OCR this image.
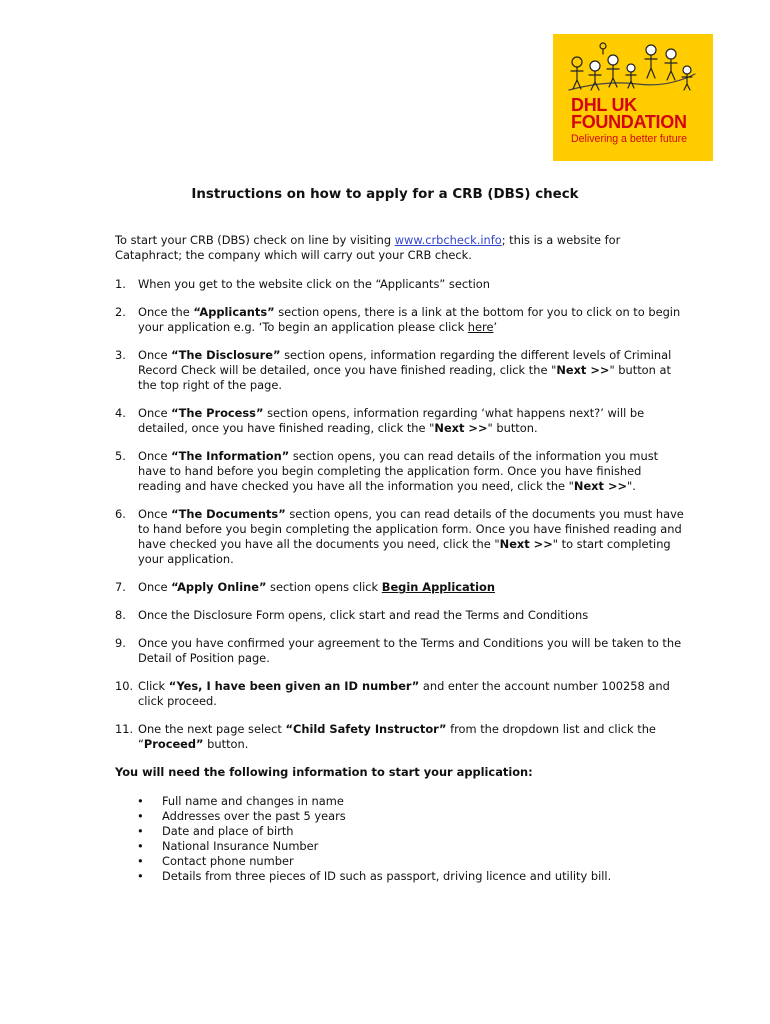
DHL UK
FOUNDATION
Delivering a better future
Instructions on how to apply for a CRB (DBS) check

To start your CRB (DBS) check on line by visiting www.crbcheck.info; this is a website for Cataphract; the company which will carry out your CRB check.

1. When you get to the website click on the “Applicants” section
2. Once the “Applicants” section opens, there is a link at the bottom for you to click on to begin your application e.g. ‘To begin an application please click here’
3. Once “The Disclosure” section opens, information regarding the different levels of Criminal Record Check will be detailed, once you have finished reading, click the "Next >>" button at the top right of the page.
4. Once “The Process” section opens, information regarding ‘what happens next?’ will be detailed, once you have finished reading, click the "Next >>" button.
5. Once “The Information” section opens, you can read details of the information you must have to hand before you begin completing the application form. Once you have finished reading and have checked you have all the information you need, click the "Next >>".
6. Once “The Documents” section opens, you can read details of the documents you must have to hand before you begin completing the application form. Once you have finished reading and have checked you have all the documents you need, click the "Next >>" to start completing your application.
7. Once “Apply Online” section opens click Begin Application
8. Once the Disclosure Form opens, click start and read the Terms and Conditions
9. Once you have confirmed your agreement to the Terms and Conditions you will be taken to the Detail of Position page.
10. Click “Yes, I have been given an ID number” and enter the account number 100258 and click proceed.
11. One the next page select “Child Safety Instructor” from the dropdown list and click the “Proceed” button.

You will need the following information to start your application:

• Full name and changes in name
• Addresses over the past 5 years
• Date and place of birth
• National Insurance Number
• Contact phone number
• Details from three pieces of ID such as passport, driving licence and utility bill.
